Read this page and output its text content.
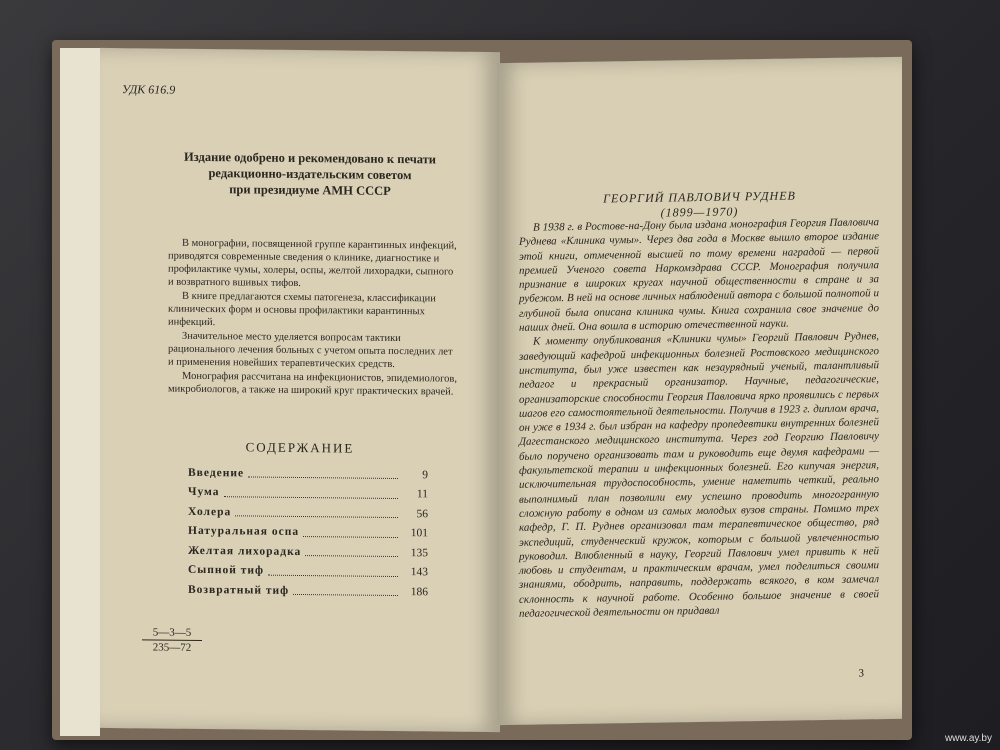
УДК 616.9
Издание одобрено и рекомендовано к печати
редакционно-издательским советом
при президиуме АМН СССР

В монографии, посвященной группе карантинных инфекций, приводятся современные сведения о клинике, диагностике и профилактике чумы, холеры, оспы, желтой лихорадки, сыпного и возвратного вшивых тифов.

В книге предлагаются схемы патогенеза, классификации клинических форм и основы профилактики карантинных инфекций.

Значительное место уделяется вопросам тактики рационального лечения больных с учетом опыта последних лет и применения новейших терапевтических средств.

Монография рассчитана на инфекционистов, эпидемиологов, микробиологов, а также на широкий круг практических врачей.

СОДЕРЖАНИЕ
Введение	9
Чума	11
Холера	56
Натуральная оспа	101
Желтая лихорадка	135
Сыпной тиф	143
Возвратный тиф	186
$\frac{5—3—5}{235—72}$
ГЕОРГИЙ ПАВЛОВИЧ РУДНЕВ
(1899—1970)

В 1938 г. в Ростове-на-Дону была издана монография Георгия Павловича Руднева «Клиника чумы». Через два года в Москве вышло второе издание этой книги, отмеченной высшей по тому времени наградой — первой премией Ученого совета Наркомздрава СССР. Монография получила признание в широких кругах научной общественности в стране и за рубежом. В ней на основе личных наблюдений автора с большой полнотой и глубиной была описана клиника чумы. Книга сохранила свое значение до наших дней. Она вошла в историю отечественной науки.

К моменту опубликования «Клиники чумы» Георгий Павлович Руднев, заведующий кафедрой инфекционных болезней Ростовского медицинского института, был уже известен как незаурядный ученый, талантливый педагог и прекрасный организатор. Научные, педагогические, организаторские способности Георгия Павловича ярко проявились с первых шагов его самостоятельной деятельности. Получив в 1923 г. диплом врача, он уже в 1934 г. был избран на кафедру пропедевтики внутренних болезней Дагестанского медицинского института. Через год Георгию Павловичу было поручено организовать там и руководить еще двумя кафедрами — факультетской терапии и инфекционных болезней. Его кипучая энергия, исключительная трудоспособность, умение наметить четкий, реально выполнимый план позволили ему успешно проводить многогранную сложную работу в одном из самых молодых вузов страны. Помимо трех кафедр, Г. П. Руднев организовал там терапевтическое общество, ряд экспедиций, студенческий кружок, которым с большой увлеченностью руководил. Влюбленный в науку, Георгий Павлович умел привить к ней любовь и студентам, и практическим врачам, умел поделиться своими знаниями, ободрить, направить, поддержать всякого, в ком замечал склонность к научной работе. Особенно большое значение в своей педагогической деятельности он придавал

3
www.ay.by
